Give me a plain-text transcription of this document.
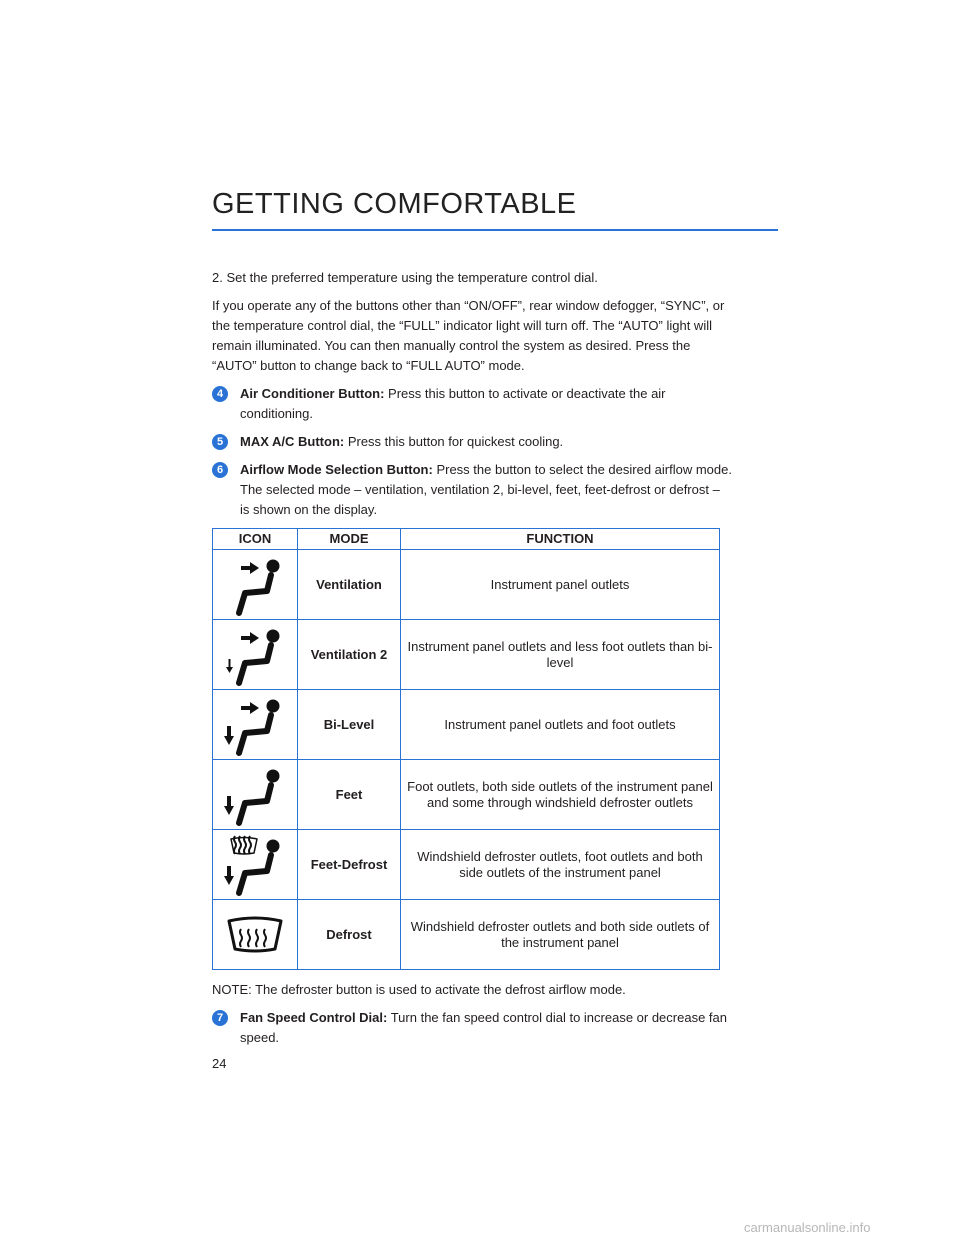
GETTING COMFORTABLE

2. Set the preferred temperature using the temperature control dial.

If you operate any of the buttons other than “ON/OFF”, rear window defogger, “SYNC”, or the temperature control dial, the “FULL” indicator light will turn off. The “AUTO” light will remain illuminated. You can then manually control the system as desired. Press the “AUTO” button to change back to “FULL AUTO” mode.

4	Air Conditioner Button: Press this button to activate or deactivate the air conditioning.
5	MAX A/C Button: Press this button for quickest cooling.
6	Airflow Mode Selection Button: Press the button to select the desired airflow mode. The selected mode – ventilation, ventilation 2, bi-level, feet, feet-defrost or defrost – is shown on the display.
ICON	MODE	FUNCTION

	Ventilation	Instrument panel outlets

	Ventilation 2	Instrument panel outlets and less foot outlets than bi-level

	Bi-Level	Instrument panel outlets and foot outlets

	Feet	Foot outlets, both side outlets of the instrument panel and some through windshield defroster outlets

	Feet-Defrost	Windshield defroster outlets, foot outlets and both side outlets of the instrument panel

	Defrost	Windshield defroster outlets and both side outlets of the instrument panel

NOTE: The defroster button is used to activate the defrost airflow mode.

7	Fan Speed Control Dial: Turn the fan speed control dial to increase or decrease fan speed.
24
carmanualsonline.info
